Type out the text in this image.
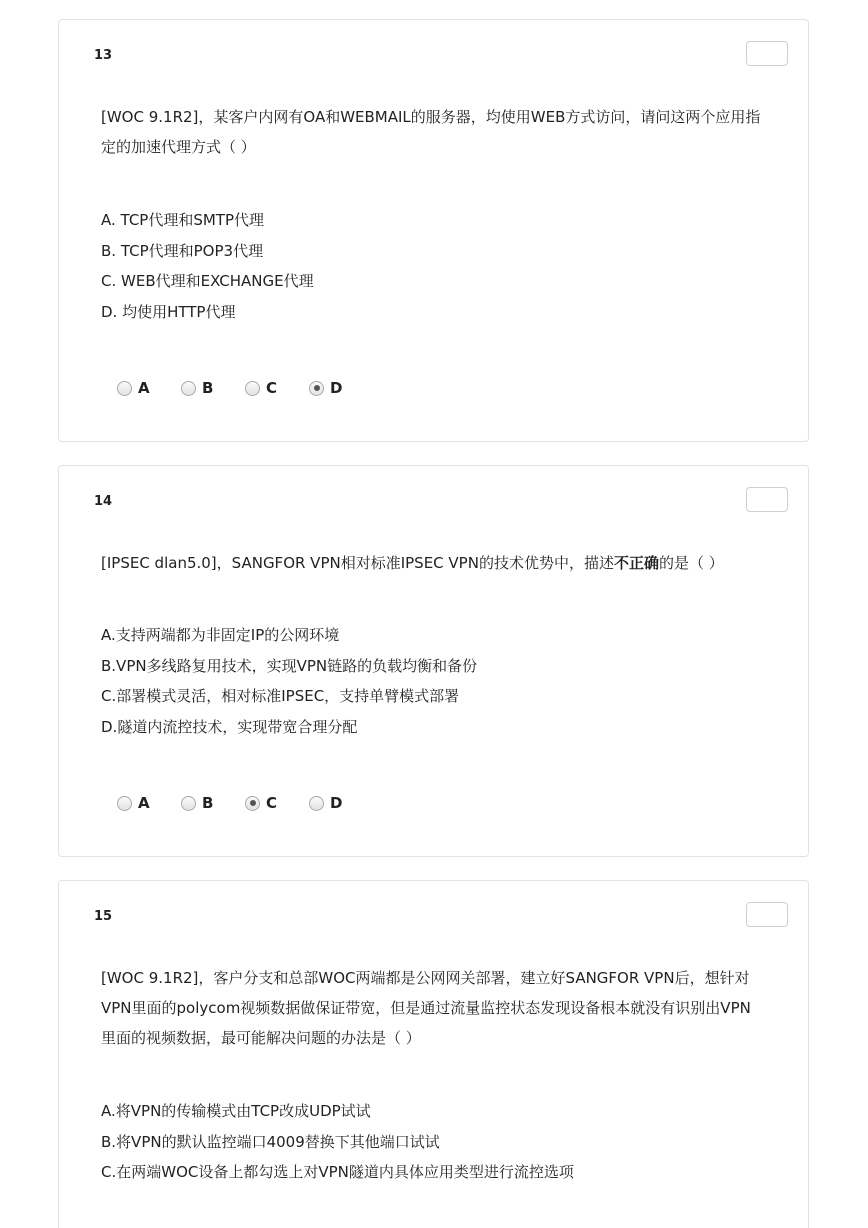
13
[WOC 9.1R2]，某客户内网有OA和WEBMAIL的服务器，均使用WEB方式访问，请问这两个应用指
定的加速代理方式（ ）
A. TCP代理和SMTP代理
B. TCP代理和POP3代理
C. WEB代理和EXCHANGE代理
D. 均使用HTTP代理
A	B	C	D
14
[IPSEC dlan5.0]，SANGFOR VPN相对标准IPSEC VPN的技术优势中，描述不正确的是（ ）
A.支持两端都为非固定IP的公网环境
B.VPN多线路复用技术，实现VPN链路的负载均衡和备份
C.部署模式灵活，相对标准IPSEC，支持单臂模式部署
D.隧道内流控技术，实现带宽合理分配
A	B	C	D
15
[WOC 9.1R2]，客户分支和总部WOC两端都是公网网关部署，建立好SANGFOR VPN后，想针对
VPN里面的polycom视频数据做保证带宽，但是通过流量监控状态发现设备根本就没有识别出VPN
里面的视频数据，最可能解决问题的办法是（ ）
A.将VPN的传输模式由TCP改成UDP试试
B.将VPN的默认监控端口4009替换下其他端口试试
C.在两端WOC设备上都勾选上对VPN隧道内具体应用类型进行流控选项
